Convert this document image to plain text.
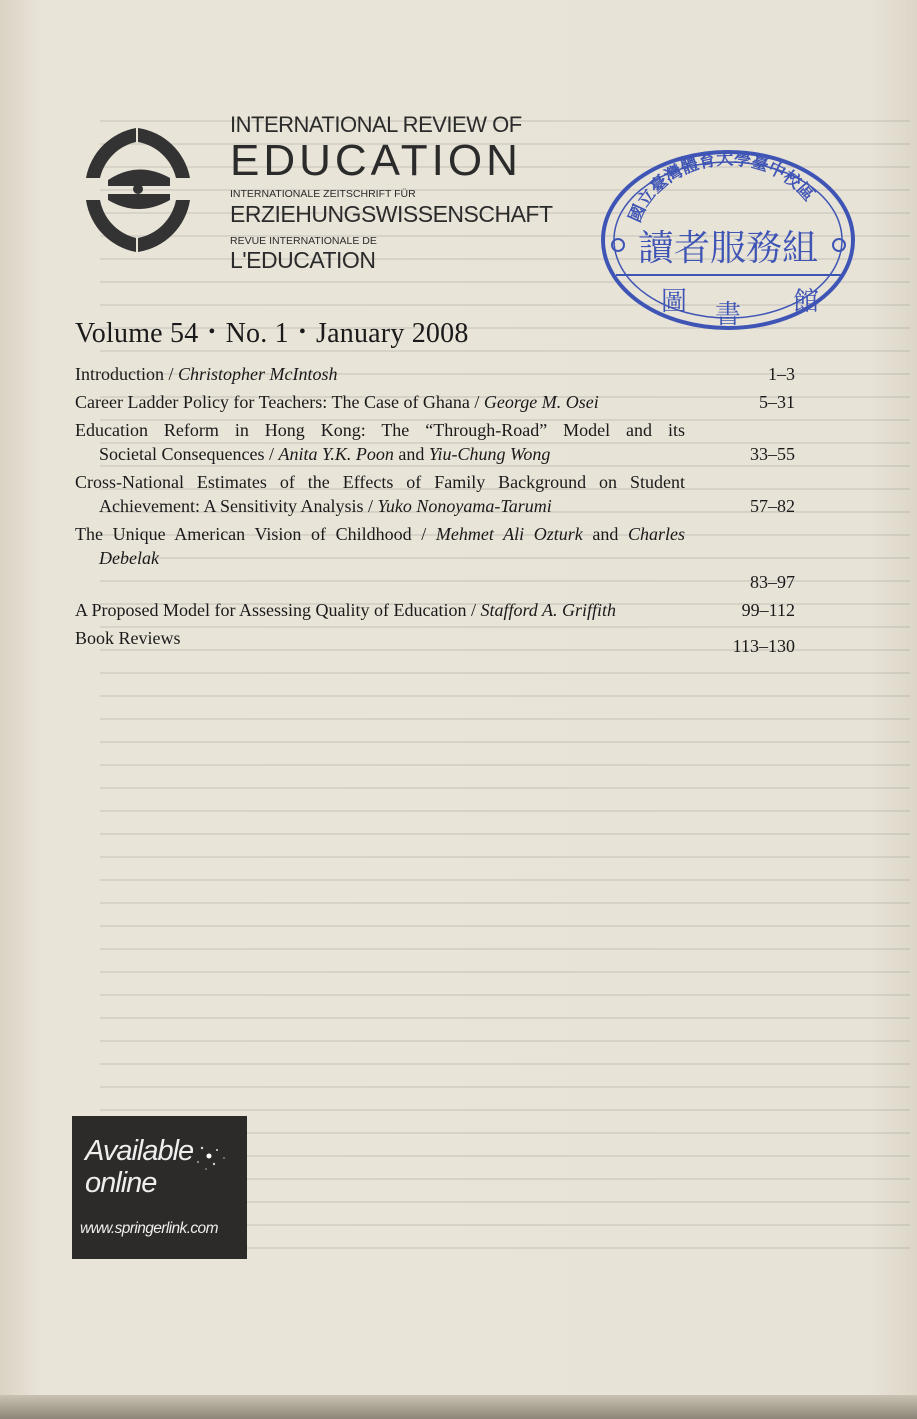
INTERNATIONAL REVIEW OF
EDUCATION
INTERNATIONALE ZEITSCHRIFT FÜR
ERZIEHUNGSWISSENSCHAFT
REVUE INTERNATIONALE DE
L'EDUCATION
國立臺灣體育大學臺中校區
讀者服務組
圖 書 館
Volume 54 • No. 1 • January 2008
Introduction / Christopher McIntosh	1–3
Career Ladder Policy for Teachers: The Case of Ghana / George M. Osei	5–31
Education Reform in Hong Kong: The “Through-Road” Model and its
Societal Consequences / Anita Y.K. Poon and Yiu-Chung Wong	33–55
Cross-National Estimates of the Effects of Family Background on Student
Achievement: A Sensitivity Analysis / Yuko Nonoyama-Tarumi	57–82
The Unique American Vision of Childhood / Mehmet Ali Ozturk and Charles
Debelak
83–97
A Proposed Model for Assessing Quality of Education / Stafford A. Griffith	99–112
Book Reviews	113–130
Available
online
www.springerlink.com
